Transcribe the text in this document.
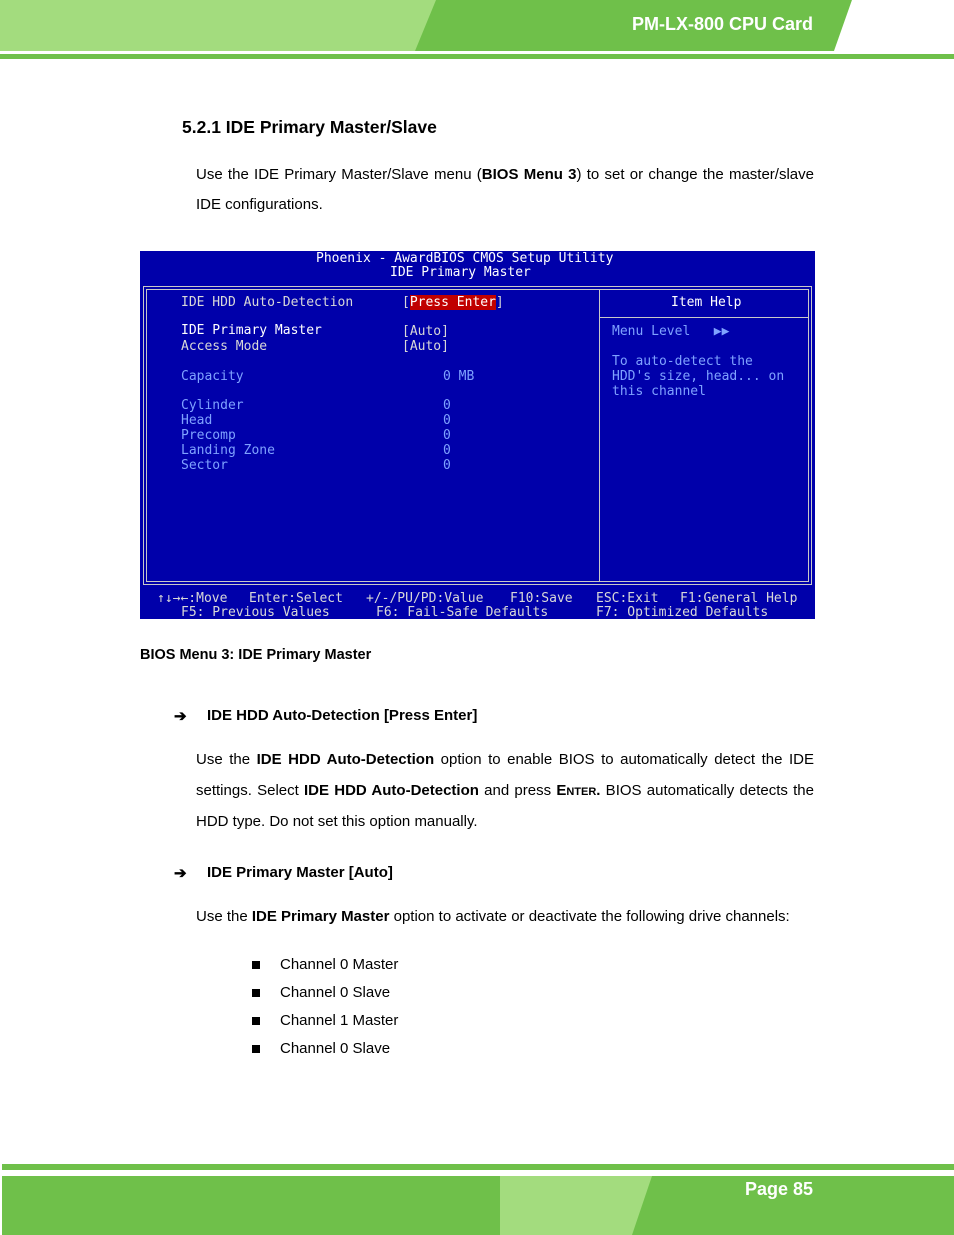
PM-LX-800 CPU Card
5.2.1 IDE Primary Master/Slave

Use the IDE Primary Master/Slave menu (BIOS Menu 3) to set or change the master/slave IDE configurations.

Phoenix - AwardBIOS CMOS Setup Utility
IDE Primary Master
IDE HDD Auto-Detection	[Press Enter]
IDE Primary Master	[Auto]
Access Mode	[Auto]
Capacity	0 MB
Cylinder	0
Head	0
Precomp	0
Landing Zone	0
Sector	0
Item Help
Menu Level   ▶▶
To auto-detect the
HDD's size, head... on
this channel
↑↓→←:Move Enter:Select +/-/PU/PD:Value F10:Save ESC:Exit F1:General Help
F5: Previous Values	F6: Fail-Safe Defaults	F7: Optimized Defaults
BIOS Menu 3: IDE Primary Master
➔	IDE HDD Auto-Detection [Press Enter]

Use the IDE HDD Auto-Detection option to enable BIOS to automatically detect the IDE settings. Select IDE HDD Auto-Detection and press Enter. BIOS automatically detects the HDD type. Do not set this option manually.

➔	IDE Primary Master [Auto]

Use the IDE Primary Master option to activate or deactivate the following drive channels:

Channel 0 Master
Channel 0 Slave
Channel 1 Master
Channel 0 Slave
Page 85
